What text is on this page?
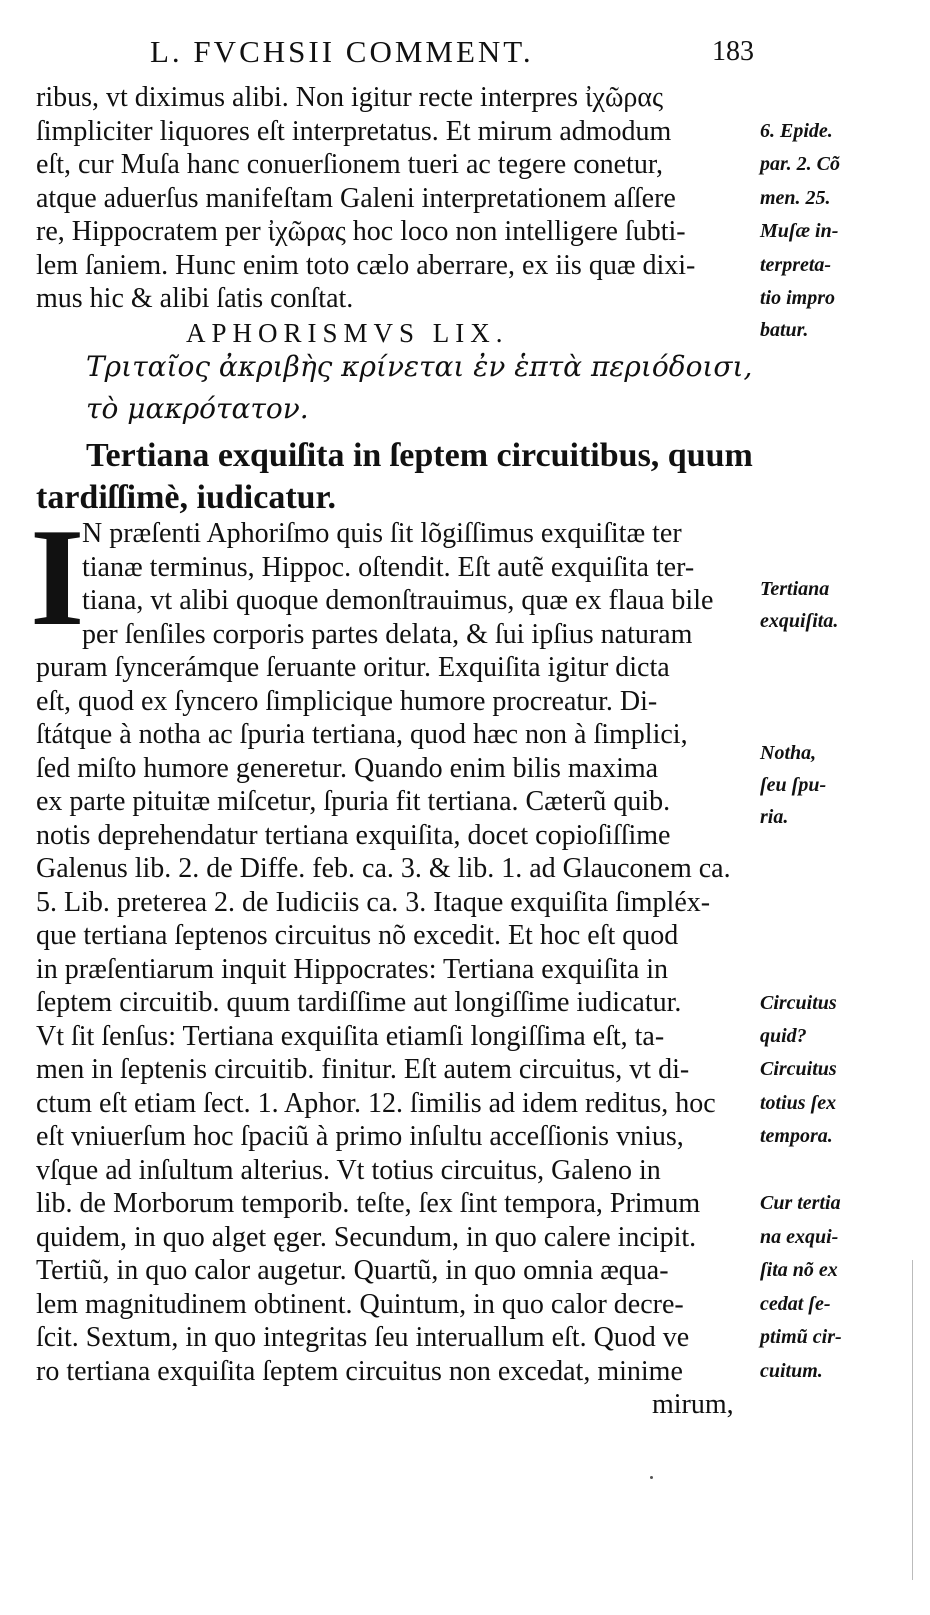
L. FVCHSII COMMENT.	183
ribus, vt diximus alibi. Non igitur recte interpres ἰχῶρας
ſimpliciter liquores eſt interpretatus. Et mirum admodum
eſt, cur Muſa hanc conuerſionem tueri ac tegere conetur,
atque aduerſus manifeſtam Galeni interpretationem aſſere
re, Hippocratem per ἰχῶρας hoc loco non intelligere ſubti-
lem ſaniem. Hunc enim toto cælo aberrare, ex iis quæ dixi-
mus hic & alibi ſatis conſtat.
APHORISMVS LIX.
Τριταῖος ἀκριβὴς κρίνεται ἐν ἑπτὰ περιόδοισι,
τὸ μακρότατον.
Tertiana exquiſita in ſeptem circuitibus, quum
tardiſſimè, iudicatur.
I
N præſenti Aphoriſmo quis ſit lõgiſſimus exquiſitæ ter
tianæ terminus, Hippoc. oſtendit. Eſt autẽ exquiſita ter-
tiana, vt alibi quoque demonſtrauimus, quæ ex flaua bile
per ſenſiles corporis partes delata, & ſui ipſius naturam
puram ſyncerámque ſeruante oritur. Exquiſita igitur dicta
eſt, quod ex ſyncero ſimplicique humore procreatur. Di-
ſtátque à notha ac ſpuria tertiana, quod hæc non à ſimplici,
ſed miſto humore generetur. Quando enim bilis maxima
ex parte pituitæ miſcetur, ſpuria fit tertiana. Cæterũ quib.
notis deprehendatur tertiana exquiſita, docet copioſiſſime
Galenus lib. 2. de Diffe. feb. ca. 3. & lib. 1. ad Glauconem ca.
5. Lib. preterea 2. de Iudiciis ca. 3. Itaque exquiſita ſimpléx-
que tertiana ſeptenos circuitus nõ excedit. Et hoc eſt quod
in præſentiarum inquit Hippocrates: Tertiana exquiſita in
ſeptem circuitib. quum tardiſſime aut longiſſime iudicatur.
Vt ſit ſenſus: Tertiana exquiſita etiamſi longiſſima eſt, ta-
men in ſeptenis circuitib. finitur. Eſt autem circuitus, vt di-
ctum eſt etiam ſect. 1. Aphor. 12. ſimilis ad idem reditus, hoc
eſt vniuerſum hoc ſpaciũ à primo inſultu acceſſionis vnius,
vſque ad inſultum alterius. Vt totius circuitus, Galeno in
lib. de Morborum temporib. teſte, ſex ſint tempora, Primum
quidem, in quo alget ęger. Secundum, in quo calere incipit.
Tertiũ, in quo calor augetur. Quartũ, in quo omnia æqua-
lem magnitudinem obtinent. Quintum, in quo calor decre-
ſcit. Sextum, in quo integritas ſeu interuallum eſt. Quod ve
ro tertiana exquiſita ſeptem circuitus non excedat, minime
mirum,
6. Epide.
par. 2. Cõ
men. 25.
Muſæ in-
terpreta-
tio impro
batur.
Tertiana
exquiſita.
Notha,
ſeu ſpu-
ria.
Circuitus
quid?
Circuitus
totius ſex
tempora.
Cur tertia
na exqui-
ſita nõ ex
cedat ſe-
ptimũ cir-
cuitum.
